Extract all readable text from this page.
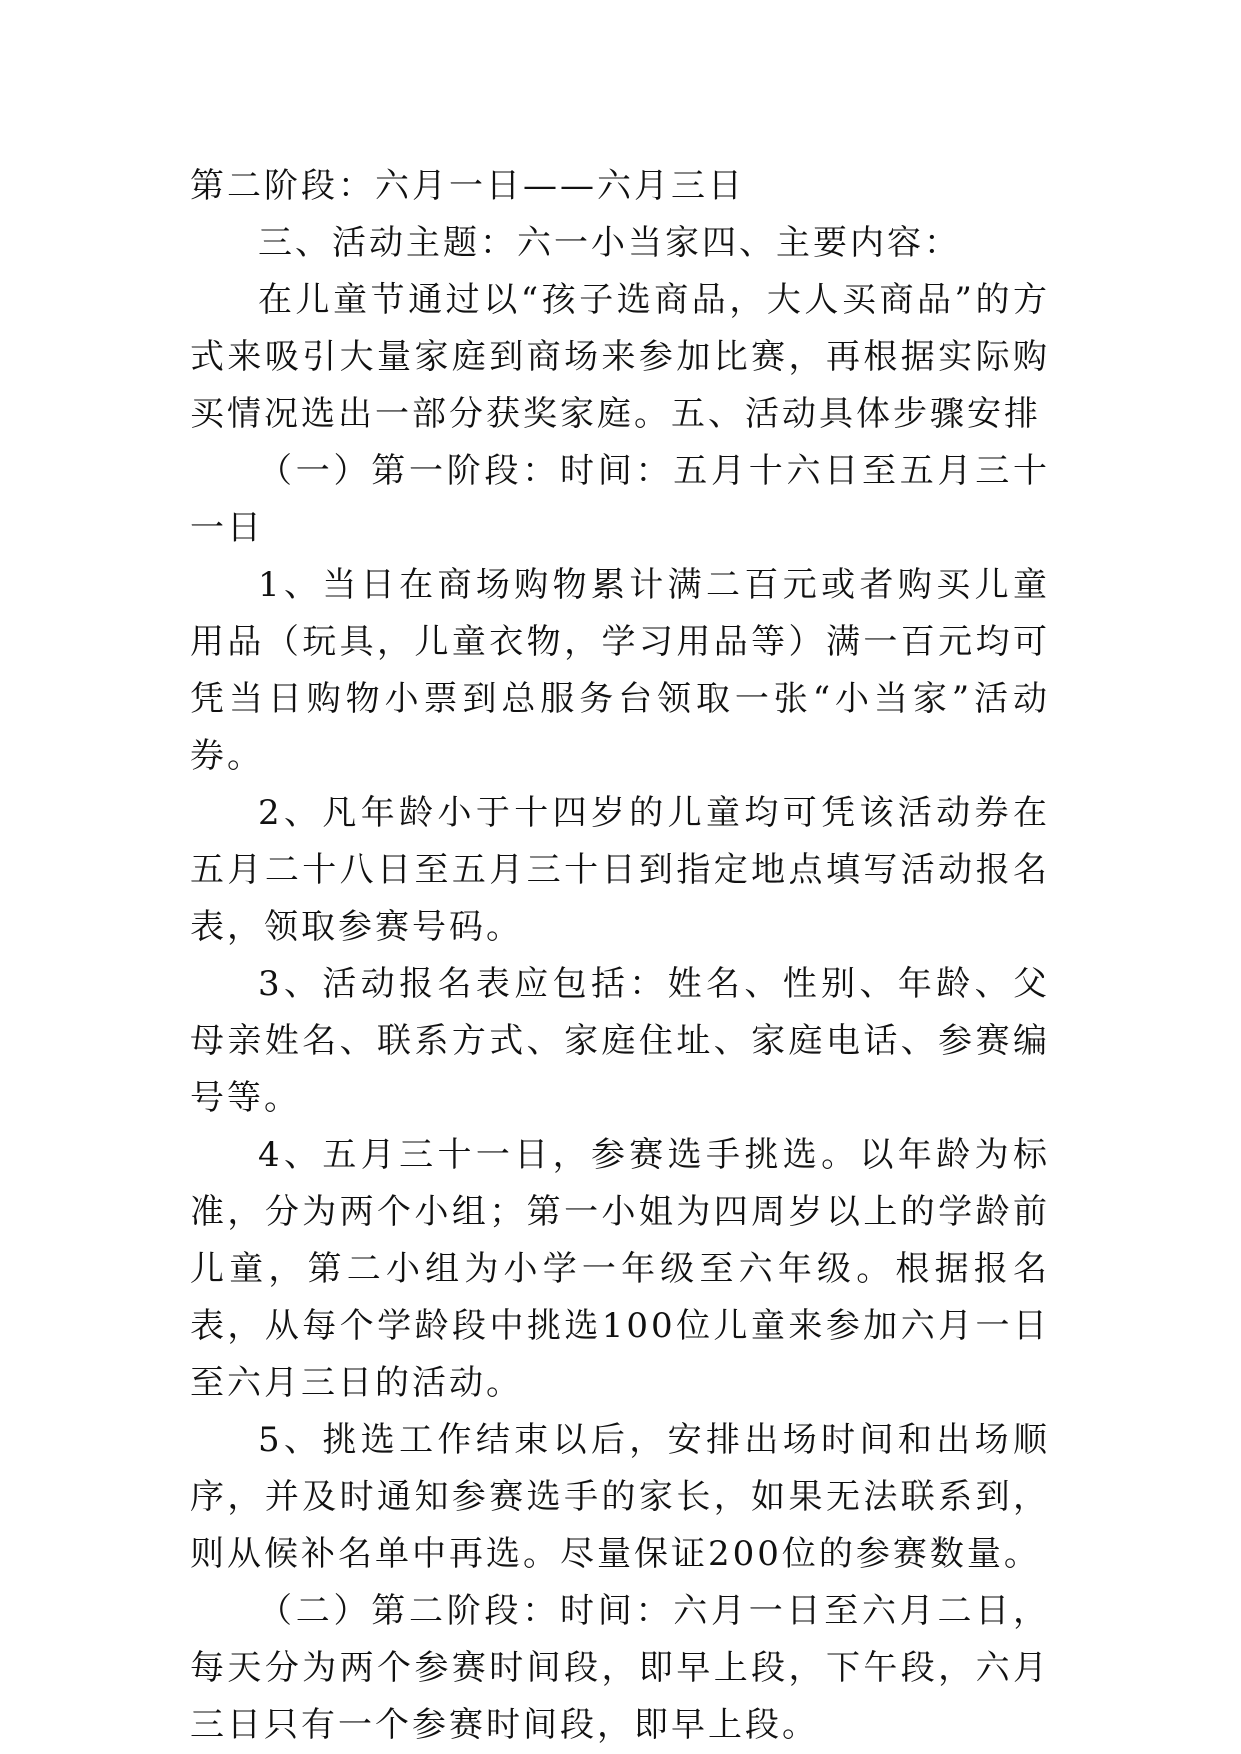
第二阶段：六月一日——六月三日

三、活动主题：六一小当家四、主要内容：

在儿童节通过以“孩子选商品，大人买商品”的方式来吸引大量家庭到商场来参加比赛，再根据实际购买情况选出一部分获奖家庭。五、活动具体步骤安排

（一）第一阶段：时间：五月十六日至五月三十一日

1、当日在商场购物累计满二百元或者购买儿童用品（玩具，儿童衣物，学习用品等）满一百元均可凭当日购物小票到总服务台领取一张“小当家”活动券。

2、凡年龄小于十四岁的儿童均可凭该活动券在五月二十八日至五月三十日到指定地点填写活动报名表，领取参赛号码。

3、活动报名表应包括：姓名、性别、年龄、父母亲姓名、联系方式、家庭住址、家庭电话、参赛编号等。

4、五月三十一日，参赛选手挑选。以年龄为标准，分为两个小组；第一小姐为四周岁以上的学龄前儿童，第二小组为小学一年级至六年级。根据报名表，从每个学龄段中挑选100位儿童来参加六月一日至六月三日的活动。

5、挑选工作结束以后，安排出场时间和出场顺序，并及时通知参赛选手的家长，如果无法联系到，则从候补名单中再选。尽量保证200位的参赛数量。

（二）第二阶段：时间：六月一日至六月二日，每天分为两个参赛时间段，即早上段，下午段，六月三日只有一个参赛时间段，即早上段。
